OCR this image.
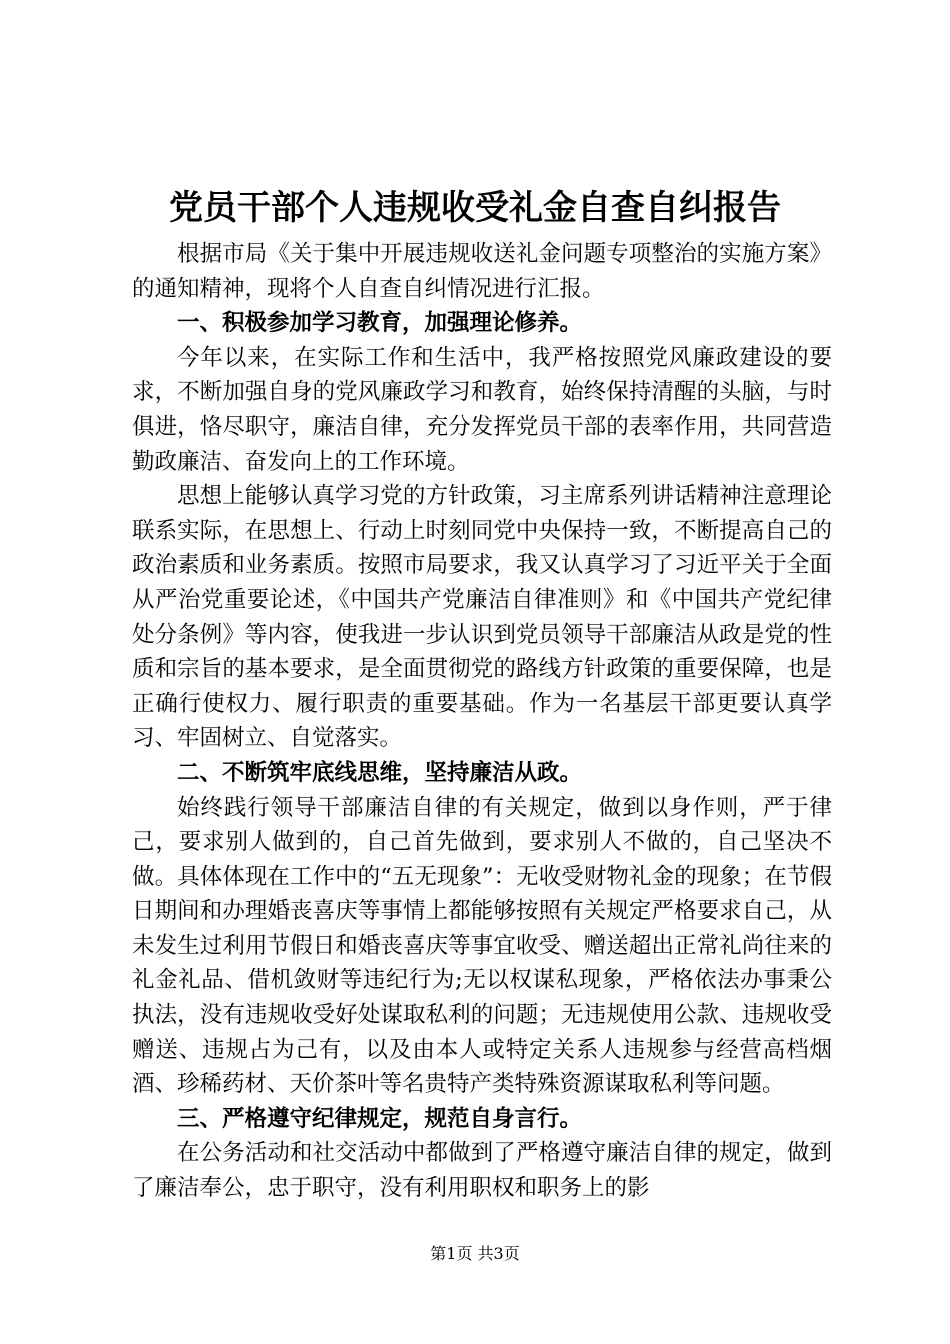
党员干部个人违规收受礼金自查自纠报告

根据市局《关于集中开展违规收送礼金问题专项整治的实施方案》的通知精神，现将个人自查自纠情况进行汇报。

一、积极参加学习教育，加强理论修养。

今年以来，在实际工作和生活中，我严格按照党风廉政建设的要求，不断加强自身的党风廉政学习和教育，始终保持清醒的头脑，与时俱进，恪尽职守，廉洁自律，充分发挥党员干部的表率作用，共同营造勤政廉洁、奋发向上的工作环境。

思想上能够认真学习党的方针政策，习主席系列讲话精神注意理论联系实际，在思想上、行动上时刻同党中央保持一致，不断提高自己的政治素质和业务素质。按照市局要求，我又认真学习了习近平关于全面从严治党重要论述，《中国共产党廉洁自律准则》和《中国共产党纪律处分条例》等内容，使我进一步认识到党员领导干部廉洁从政是党的性质和宗旨的基本要求，是全面贯彻党的路线方针政策的重要保障，也是正确行使权力、履行职责的重要基础。作为一名基层干部更要认真学习、牢固树立、自觉落实。

二、不断筑牢底线思维，坚持廉洁从政。

始终践行领导干部廉洁自律的有关规定，做到以身作则，严于律己，要求别人做到的，自己首先做到，要求别人不做的，自己坚决不做。具体体现在工作中的“五无现象”：无收受财物礼金的现象；在节假日期间和办理婚丧喜庆等事情上都能够按照有关规定严格要求自己，从未发生过利用节假日和婚丧喜庆等事宜收受、赠送超出正常礼尚往来的礼金礼品、借机敛财等违纪行为;无以权谋私现象，严格依法办事秉公执法，没有违规收受好处谋取私利的问题；无违规使用公款、违规收受赠送、违规占为己有，以及由本人或特定关系人违规参与经营高档烟酒、珍稀药材、天价茶叶等名贵特产类特殊资源谋取私利等问题。

三、严格遵守纪律规定，规范自身言行。

在公务活动和社交活动中都做到了严格遵守廉洁自律的规定，做到了廉洁奉公，忠于职守，没有利用职权和职务上的影

第1页 共3页
